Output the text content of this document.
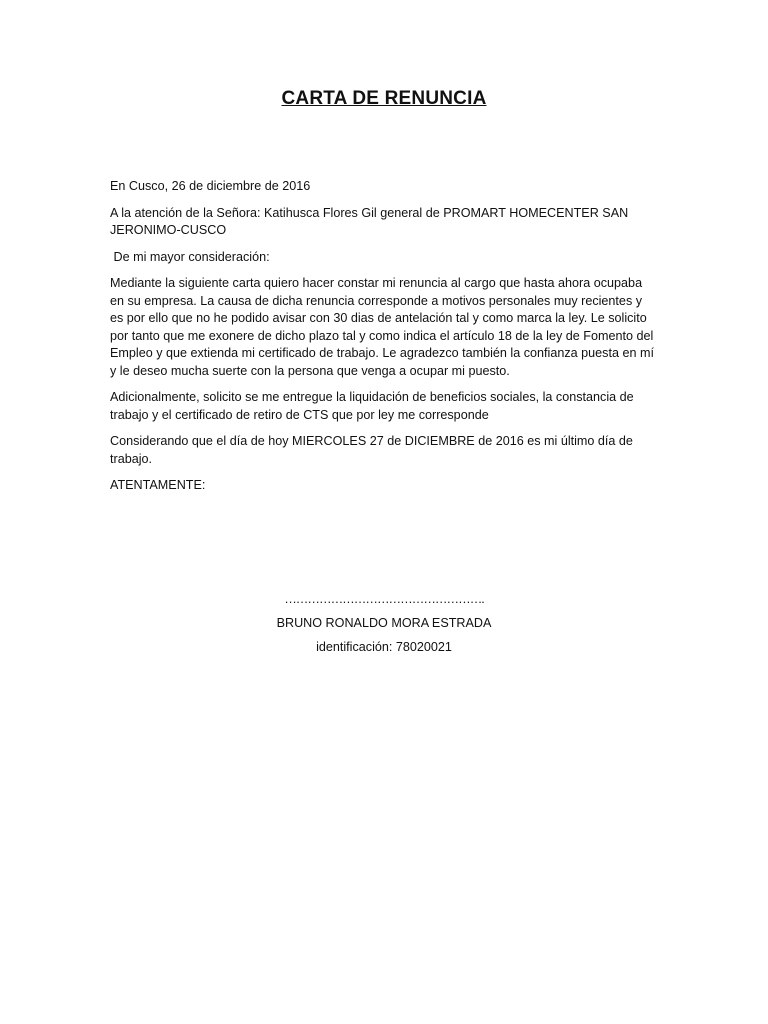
CARTA DE RENUNCIA

En Cusco, 26 de diciembre de 2016

A la atención de la Señora: Katihusca Flores Gil general de PROMART HOMECENTER SAN JERONIMO-CUSCO

De mi mayor consideración:

Mediante la siguiente carta quiero hacer constar mi renuncia al cargo que hasta ahora ocupaba en su empresa. La causa de dicha renuncia corresponde a motivos personales muy recientes y es por ello que no he podido avisar con 30 dias de antelación tal y como marca la ley. Le solicito por tanto que me exonere de dicho plazo tal y como indica el artículo 18 de la ley de Fomento del Empleo y que extienda mi certificado de trabajo. Le agradezco también la confianza puesta en mí y le deseo mucha suerte con la persona que venga a ocupar mi puesto.

Adicionalmente, solicito se me entregue la liquidación de beneficios sociales, la constancia de trabajo y el certificado de retiro de CTS que por ley me corresponde

Considerando que el día de hoy MIERCOLES 27 de DICIEMBRE de 2016 es mi último día de trabajo.

ATENTAMENTE:

…………………………………………….
BRUNO RONALDO MORA ESTRADA
identificación: 78020021
